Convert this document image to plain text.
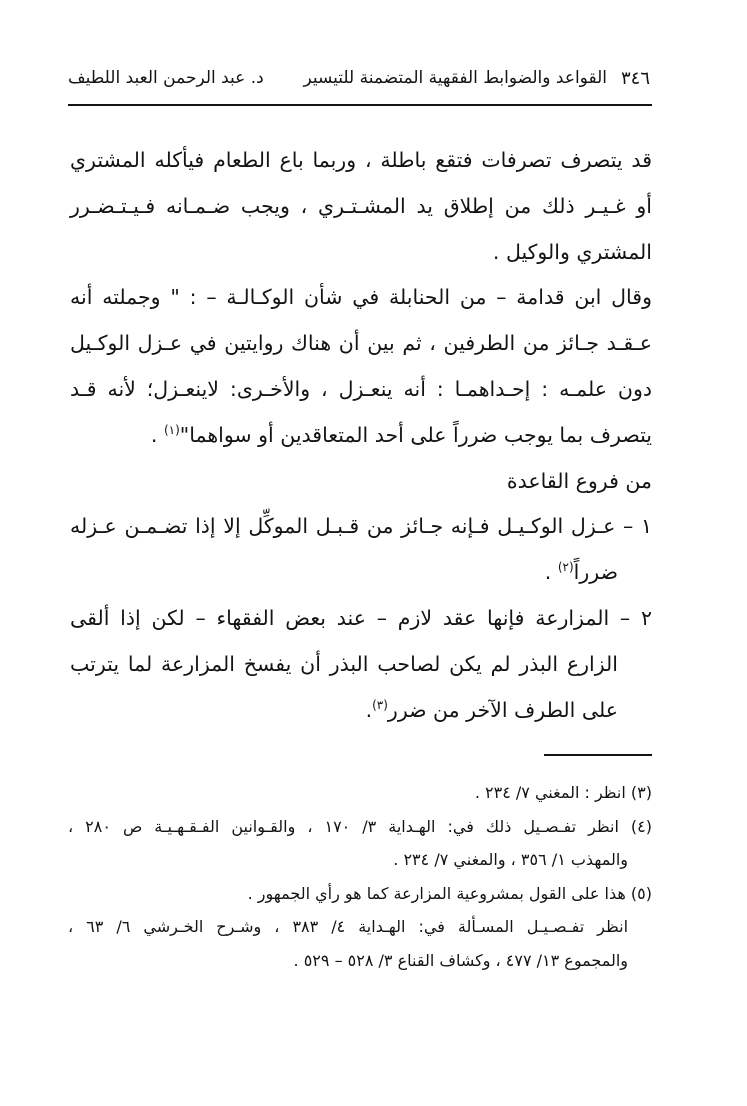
٣٤٦
القواعد والضوابط الفقهية المتضمنة للتيسير
د. عبد الرحمن العبد اللطيف
قد يتصرف تصرفات فتقع باطلة ، وربما باع الطعام فيأكله المشتري
أو غـيـر ذلك من إطلاق يد المشـتـري ، ويجب ضـمـانه فـيـتـضـرر
المشتري والوكيل .
وقال ابن قدامة – من الحنابلة في شأن الوكـالـة – : " وجملته أنه
عـقـد جـائز من الطرفين ، ثم بين أن هناك روايتين في عـزل الوكـيل
دون علمـه : إحـداهمـا : أنه ينعـزل ، والأخـرى: لاينعـزل؛ لأنه قـد
يتصرف بما يوجب ضرراً على أحد المتعاقدين أو سواهما"$^{(١)}$ .
من فروع القاعدة
١ – عـزل الوكـيـل فـإنه جـائز من قـبـل الموكِّل إلا إذا تضـمـن عـزله
ضرراً$^{(٢)}$ .
٢ – المزارعة فإنها عقد لازم – عند بعض الفقهاء – لكن إذا ألقى
الزارع البذر لم يكن لصاحب البذر أن يفسخ المزارعة لما يترتب
على الطرف الآخر من ضرر$^{(٣)}$.
(٣) انظر : المغني ٧/ ٢٣٤ .
(٤) انظر تفـصـيل ذلك في: الهـداية ٣/ ١٧٠ ، والقـوانين الفـقـهـيـة ص ٢٨٠ ،
والمهذب ١/ ٣٥٦ ، والمغني ٧/ ٢٣٤ .
(٥) هذا على القول بمشروعية المزارعة كما هو رأي الجمهور .
انظر تفـصـيـل المسـألة في: الهـداية ٤/ ٣٨٣ ، وشـرح الخـرشي ٦/ ٦٣ ،
والمجموع ١٣/ ٤٧٧ ، وكشاف القناع ٣/ ٥٢٨ – ٥٢٩ .
